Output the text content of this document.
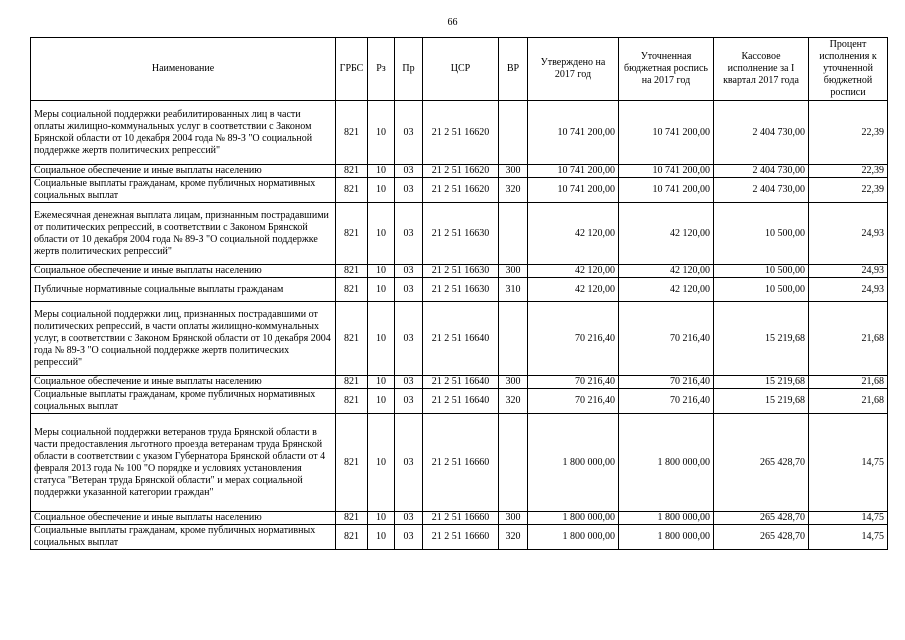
66
Наименование	ГРБС	Рз	Пр	ЦСР	ВР	Утверждено на 2017 год	Уточненная бюджетная роспись на 2017 год	Кассовое исполнение за I квартал 2017 года	Процент исполнения к уточненной бюджетной росписи
Меры социальной поддержки реабилитированных лиц в части оплаты жилищно-коммунальных услуг в соответствии с Законом Брянской области от 10 декабря 2004 года № 89-З "О социальной поддержке жертв политических репрессий"	821	10	03	21 2 51 16620		10 741 200,00	10 741 200,00	2 404 730,00	22,39
Социальное обеспечение и иные выплаты населению	821	10	03	21 2 51 16620	300	10 741 200,00	10 741 200,00	2 404 730,00	22,39
Социальные выплаты гражданам, кроме публичных нормативных социальных выплат	821	10	03	21 2 51 16620	320	10 741 200,00	10 741 200,00	2 404 730,00	22,39
Ежемесячная денежная выплата лицам, признанным пострадавшими от политических репрессий, в соответствии с Законом Брянской области от 10 декабря 2004 года № 89-З "О социальной поддержке жертв политических репрессий"	821	10	03	21 2 51 16630		42 120,00	42 120,00	10 500,00	24,93
Социальное обеспечение и иные выплаты населению	821	10	03	21 2 51 16630	300	42 120,00	42 120,00	10 500,00	24,93
Публичные нормативные социальные выплаты гражданам	821	10	03	21 2 51 16630	310	42 120,00	42 120,00	10 500,00	24,93
Меры социальной поддержки лиц, признанных пострадавшими от политических репрессий, в части оплаты жилищно-коммунальных услуг, в соответствии с Законом Брянской области от 10 декабря 2004 года № 89-З "О социальной поддержке жертв политических репрессий"	821	10	03	21 2 51 16640		70 216,40	70 216,40	15 219,68	21,68
Социальное обеспечение и иные выплаты населению	821	10	03	21 2 51 16640	300	70 216,40	70 216,40	15 219,68	21,68
Социальные выплаты гражданам, кроме публичных нормативных социальных выплат	821	10	03	21 2 51 16640	320	70 216,40	70 216,40	15 219,68	21,68
Меры социальной поддержки ветеранов труда Брянской области в части предоставления льготного проезда ветеранам труда Брянской области в соответствии с указом Губернатора Брянской области от 4 февраля 2013 года № 100 "О порядке и условиях установления статуса "Ветеран труда Брянской области" и мерах социальной поддержки указанной категории граждан"	821	10	03	21 2 51 16660		1 800 000,00	1 800 000,00	265 428,70	14,75
Социальное обеспечение и иные выплаты населению	821	10	03	21 2 51 16660	300	1 800 000,00	1 800 000,00	265 428,70	14,75
Социальные выплаты гражданам, кроме публичных нормативных социальных выплат	821	10	03	21 2 51 16660	320	1 800 000,00	1 800 000,00	265 428,70	14,75
